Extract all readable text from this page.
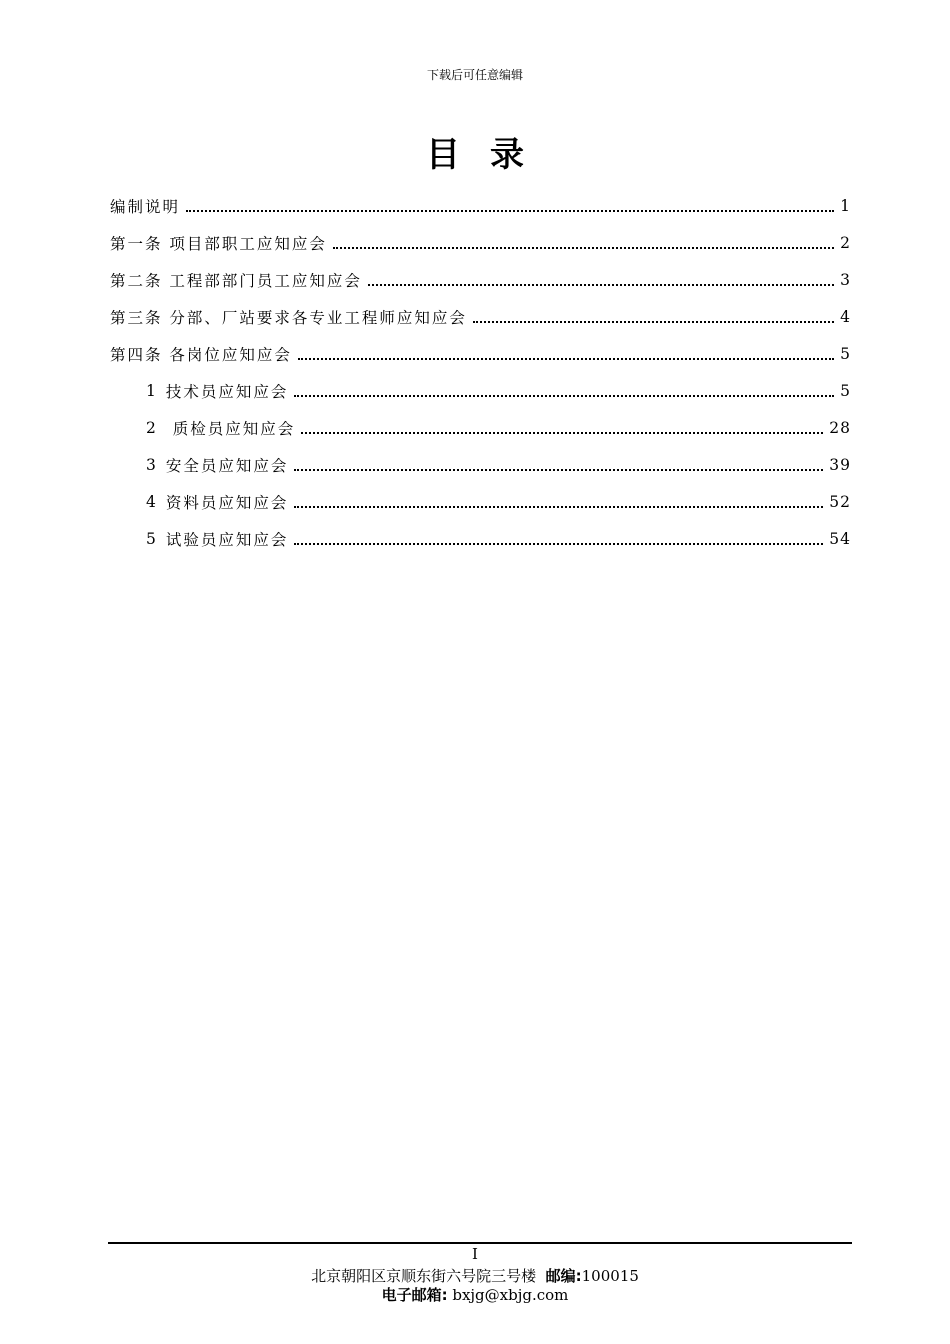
下载后可任意编辑
目录
编制说明	1
第一条 项目部职工应知应会	2
第二条 工程部部门员工应知应会	3
第三条 分部、厂站要求各专业工程师应知应会	4
第四条 各岗位应知应会	5
1 技术员应知应会	5
2 质检员应知应会	28
3 安全员应知应会	39
4 资料员应知应会	52
5 试验员应知应会	54
I
北京朝阳区京顺东街六号院三号楼 邮编:100015
电子邮箱: bxjg@xbjg.com
